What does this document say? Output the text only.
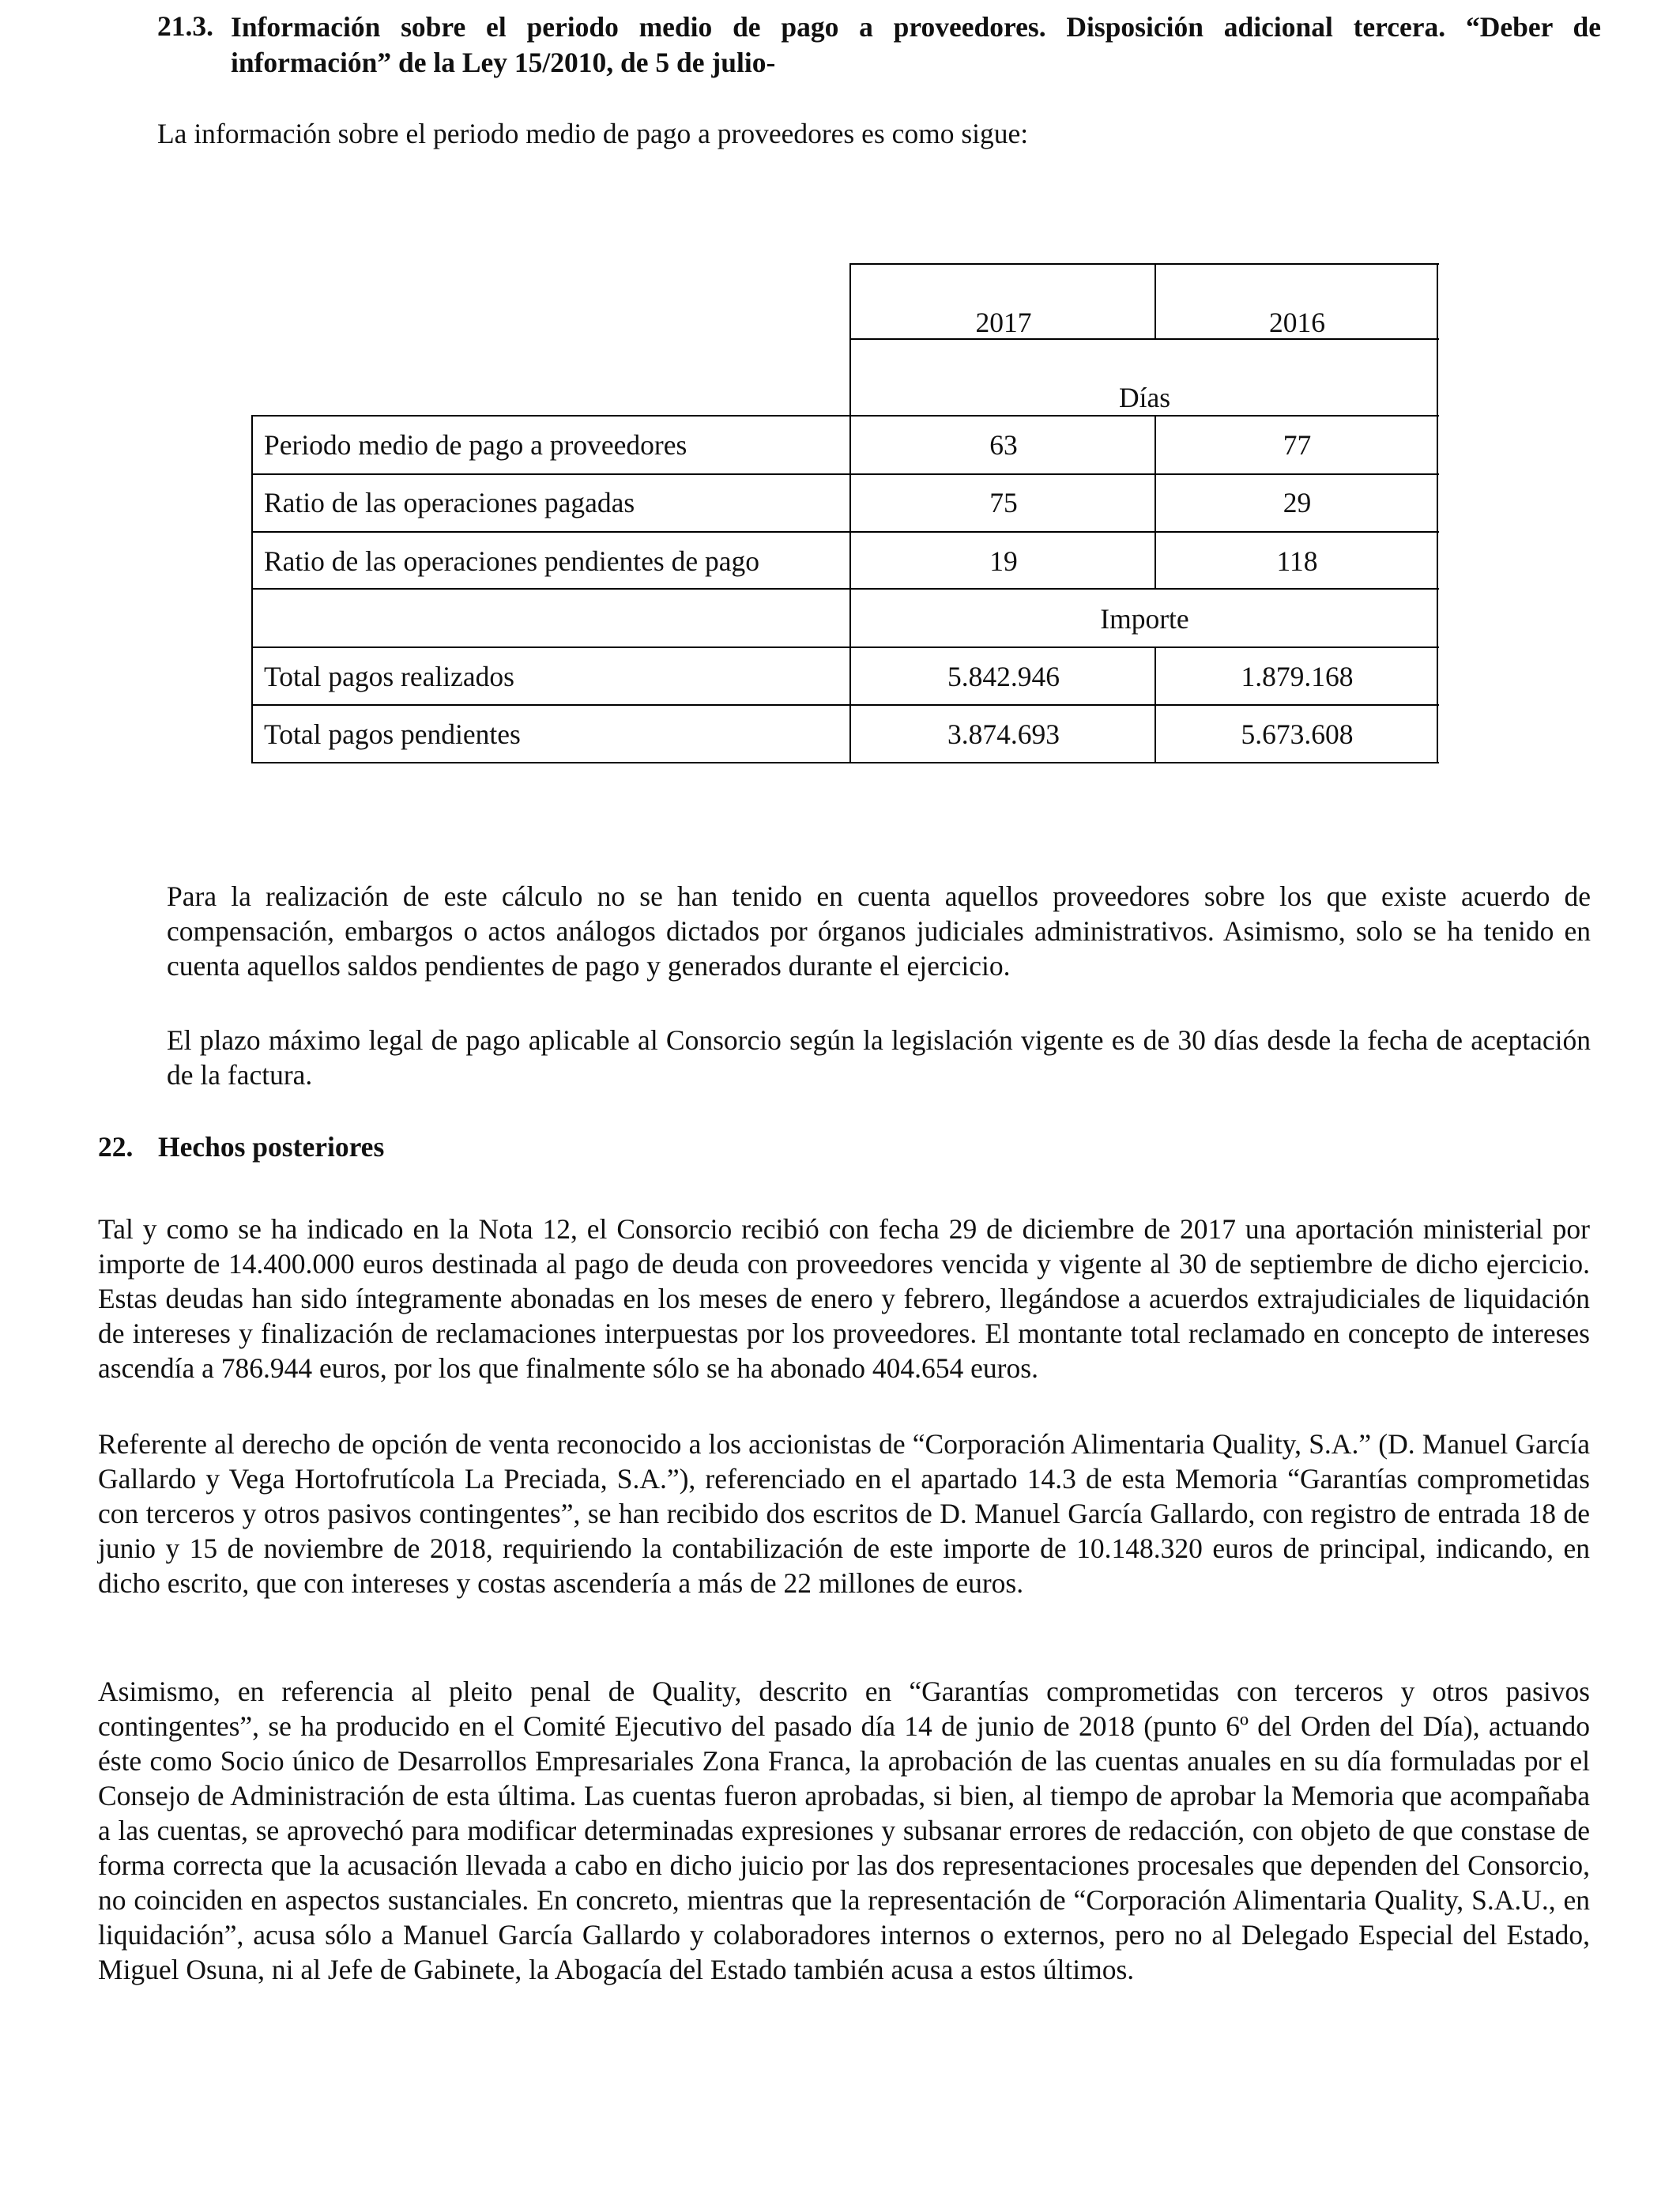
21.3. Información sobre el periodo medio de pago a proveedores. Disposición adicional tercera. “Deber de
información” de la Ley 15/2010, de 5 de julio-
La información sobre el periodo medio de pago a proveedores es como sigue:
2017	2016
Días
Periodo medio de pago a proveedores	63	77
Ratio de las operaciones pagadas	75	29
Ratio de las operaciones pendientes de pago	19	118
Importe
Total pagos realizados	5.842.946	1.879.168
Total pagos pendientes	3.874.693	5.673.608
Para la realización de este cálculo no se han tenido en cuenta aquellos proveedores sobre los que existe acuerdo de compensación, embargos o actos análogos dictados por órganos judiciales administrativos. Asimismo, solo se ha tenido en cuenta aquellos saldos pendientes de pago y generados durante el ejercicio.
El plazo máximo legal de pago aplicable al Consorcio según la legislación vigente es de 30 días desde la fecha de aceptación de la factura.
22. Hechos posteriores
Tal y como se ha indicado en la Nota 12, el Consorcio recibió con fecha 29 de diciembre de 2017 una aportación ministerial por importe de 14.400.000 euros destinada al pago de deuda con proveedores vencida y vigente al 30 de septiembre de dicho ejercicio. Estas deudas han sido íntegramente abonadas en los meses de enero y febrero, llegándose a acuerdos extrajudiciales de liquidación de intereses y finalización de reclamaciones interpuestas por los proveedores. El montante total reclamado en concepto de intereses ascendía a 786.944 euros, por los que finalmente sólo se ha abonado 404.654 euros.
Referente al derecho de opción de venta reconocido a los accionistas de “Corporación Alimentaria Quality, S.A.” (D. Manuel García Gallardo y Vega Hortofrutícola La Preciada, S.A.”), referenciado en el apartado 14.3 de esta Memoria “Garantías comprometidas con terceros y otros pasivos contingentes”, se han recibido dos escritos de D. Manuel García Gallardo, con registro de entrada 18 de junio y 15 de noviembre de 2018, requiriendo la contabilización de este importe de 10.148.320 euros de principal, indicando, en dicho escrito, que con intereses y costas ascendería a más de 22 millones de euros.
Asimismo, en referencia al pleito penal de Quality, descrito en “Garantías comprometidas con terceros y otros pasivos contingentes”, se ha producido en el Comité Ejecutivo del pasado día 14 de junio de 2018 (punto 6º del Orden del Día), actuando éste como Socio único de Desarrollos Empresariales Zona Franca, la aprobación de las cuentas anuales en su día formuladas por el Consejo de Administración de esta última. Las cuentas fueron aprobadas, si bien, al tiempo de aprobar la Memoria que acompañaba a las cuentas, se aprovechó para modificar determinadas expresiones y subsanar errores de redacción, con objeto de que constase de forma correcta que la acusación llevada a cabo en dicho juicio por las dos representaciones procesales que dependen del Consorcio, no coinciden en aspectos sustanciales. En concreto, mientras que la representación de “Corporación Alimentaria Quality, S.A.U., en liquidación”, acusa sólo a Manuel García Gallardo y colaboradores internos o externos, pero no al Delegado Especial del Estado, Miguel Osuna, ni al Jefe de Gabinete, la Abogacía del Estado también acusa a estos últimos.
